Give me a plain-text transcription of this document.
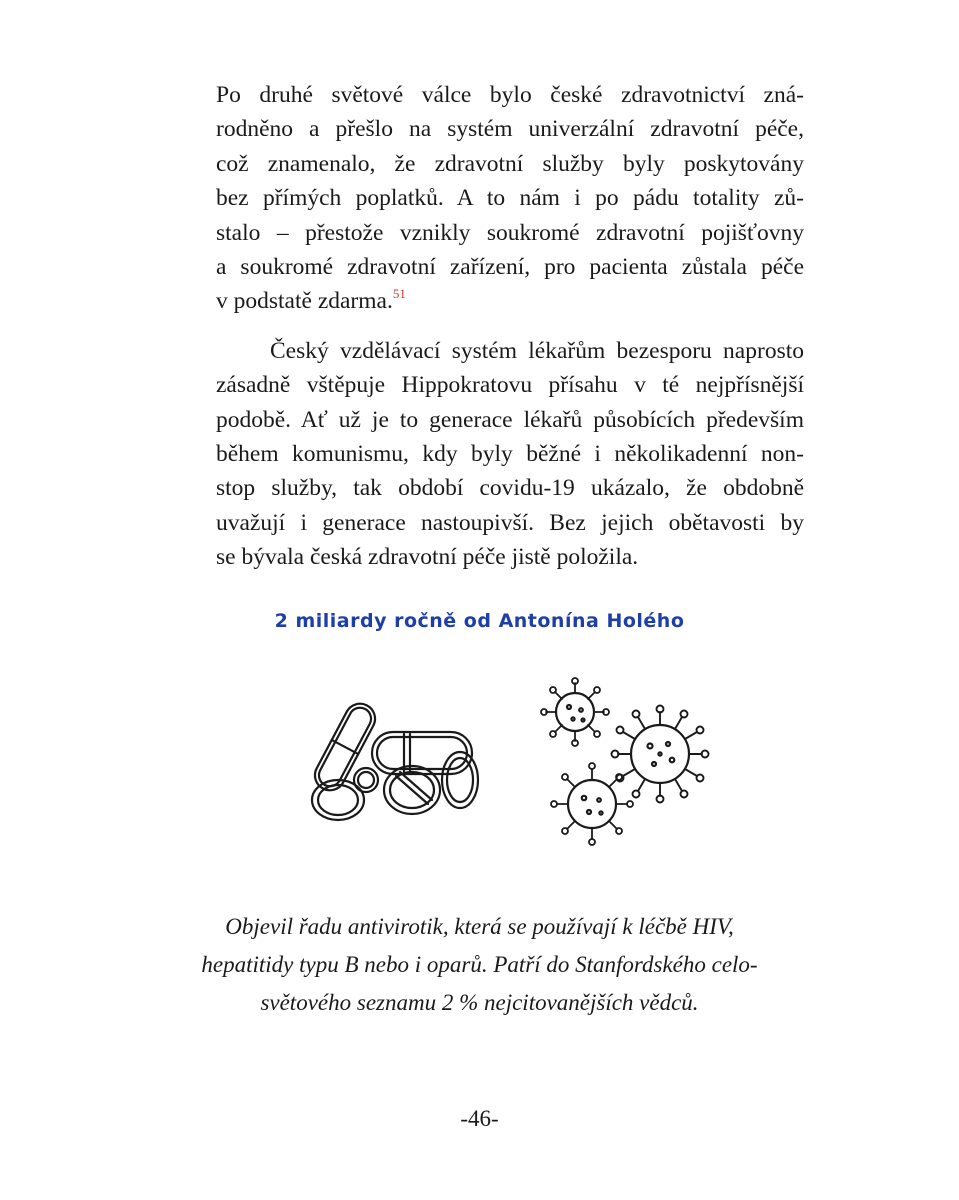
Po druhé světové válce bylo české zdravotnictví zná-
rodněno a přešlo na systém univerzální zdravotní péče,
což znamenalo, že zdravotní služby byly poskytovány
bez přímých poplatků. A to nám i po pádu totality zů-
stalo – přestože vznikly soukromé zdravotní pojišťovny
a soukromé zdravotní zařízení, pro pacienta zůstala péče
v podstatě zdarma.$^{51}$
Český vzdělávací systém lékařům bezesporu naprosto
zásadně vštěpuje Hippokratovu přísahu v té nejpřísnější
podobě. Ať už je to generace lékařů působících především
během komunismu, kdy byly běžné i několikadenní non-
stop služby, tak období covidu-19 ukázalo, že obdobně
uvažují i generace nastoupivší. Bez jejich obětavosti by
se bývala česká zdravotní péče jistě položila.
2 miliardy ročně od Antonína Holého
Objevil řadu antivirotik, která se používají k léčbě HIV,
hepatitidy typu B nebo i oparů. Patří do Stanfordského celo-
světového seznamu 2 % nejcitovanějších vědců.
-46-
